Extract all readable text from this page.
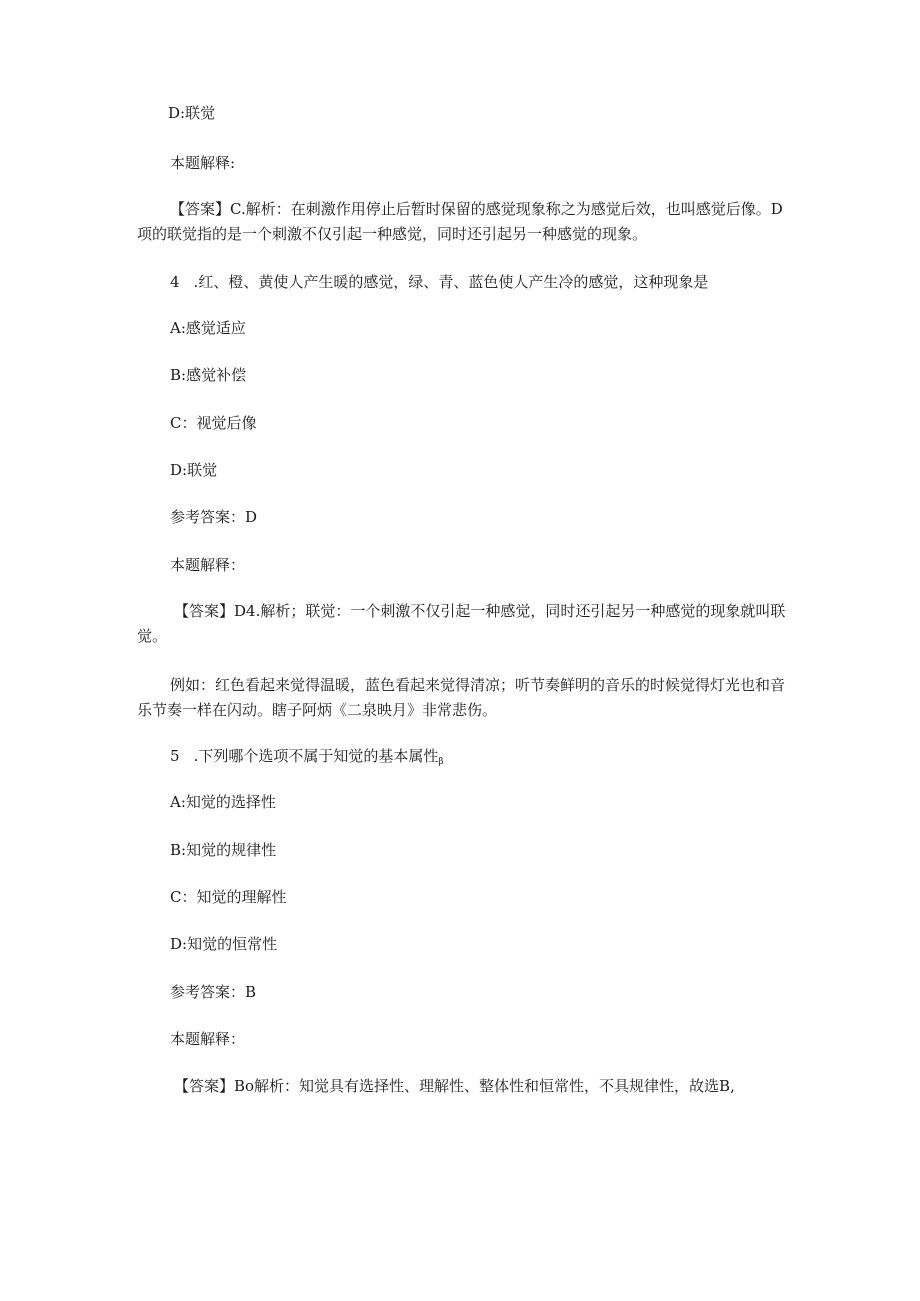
D:联觉

本题解释:

【答案】C.解析：在刺激作用停止后暂时保留的感觉现象称之为感觉后效，也叫感觉后像。D项的联觉指的是一个刺激不仅引起一种感觉，同时还引起另一种感觉的现象。

4 .红、橙、黄使人产生暖的感觉，绿、青、蓝色使人产生冷的感觉，这种现象是

A:感觉适应

B:感觉补偿

C：视觉后像

D:联觉

参考答案：D

本题解释：

【答案】D4.解析；联觉：一个刺激不仅引起一种感觉，同时还引起另一种感觉的现象就叫联觉。

例如：红色看起来觉得温暖，蓝色看起来觉得清凉；听节奏鲜明的音乐的时候觉得灯光也和音乐节奏一样在闪动。瞎子阿炳《二泉映月》非常悲伤。

5 .下列哪个选项不属于知觉的基本属性$_\beta$

A:知觉的选择性

B:知觉的规律性

C：知觉的理解性

D:知觉的恒常性

参考答案：B

本题解释：

【答案】Bo解析：知觉具有选择性、理解性、整体性和恒常性，不具规律性，故选B,
